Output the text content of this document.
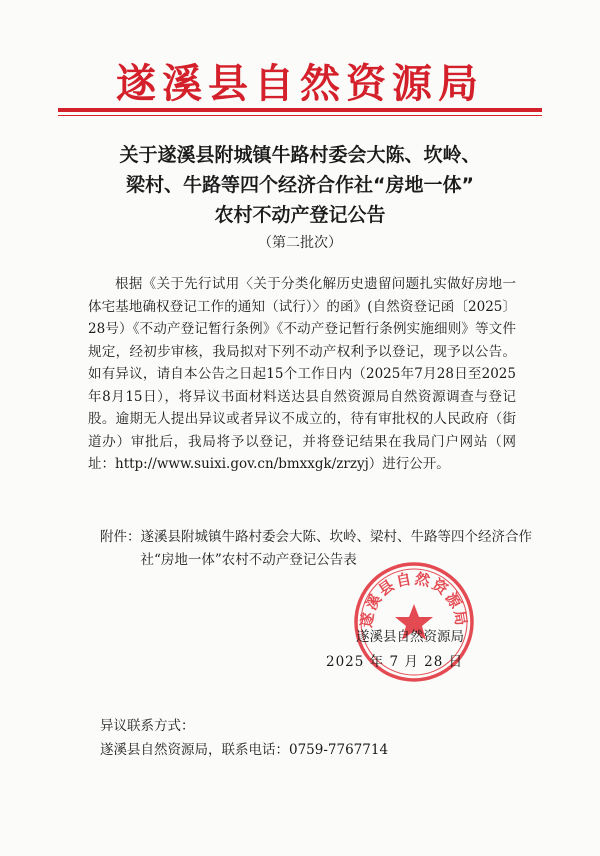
遂溪县自然资源局
关于遂溪县附城镇牛路村委会大陈、坎岭、
梁村、牛路等四个经济合作社“房地一体”
农村不动产登记公告
（第二批次）
根据《关于先行试用〈关于分类化解历史遗留问题扎实做好房地一体宅基地确权登记工作的通知（试行）〉的函》(自然资登记函〔2025〕28号）《不动产登记暂行条例》《不动产登记暂行条例实施细则》等文件规定，经初步审核，我局拟对下列不动产权利予以登记，现予以公告。如有异议，请自本公告之日起15个工作日内（2025年7月28日至2025年8月15日），将异议书面材料送达县自然资源局自然资源调查与登记股。逾期无人提出异议或者异议不成立的，待有审批权的人民政府（街道办）审批后，我局将予以登记，并将登记结果在我局门户网站（网址：http://www.suixi.gov.cn/bmxxgk/zrzyj）进行公开。
附件： 遂溪县附城镇牛路村委会大陈、坎岭、梁村、牛路等四个经济合作社“房地一体”农村不动产登记公告表
遂溪县自然资源局
遂溪县自然资源局
2025 年 7 月 28 日
异议联系方式：
遂溪县自然资源局，联系电话：0759-7767714
